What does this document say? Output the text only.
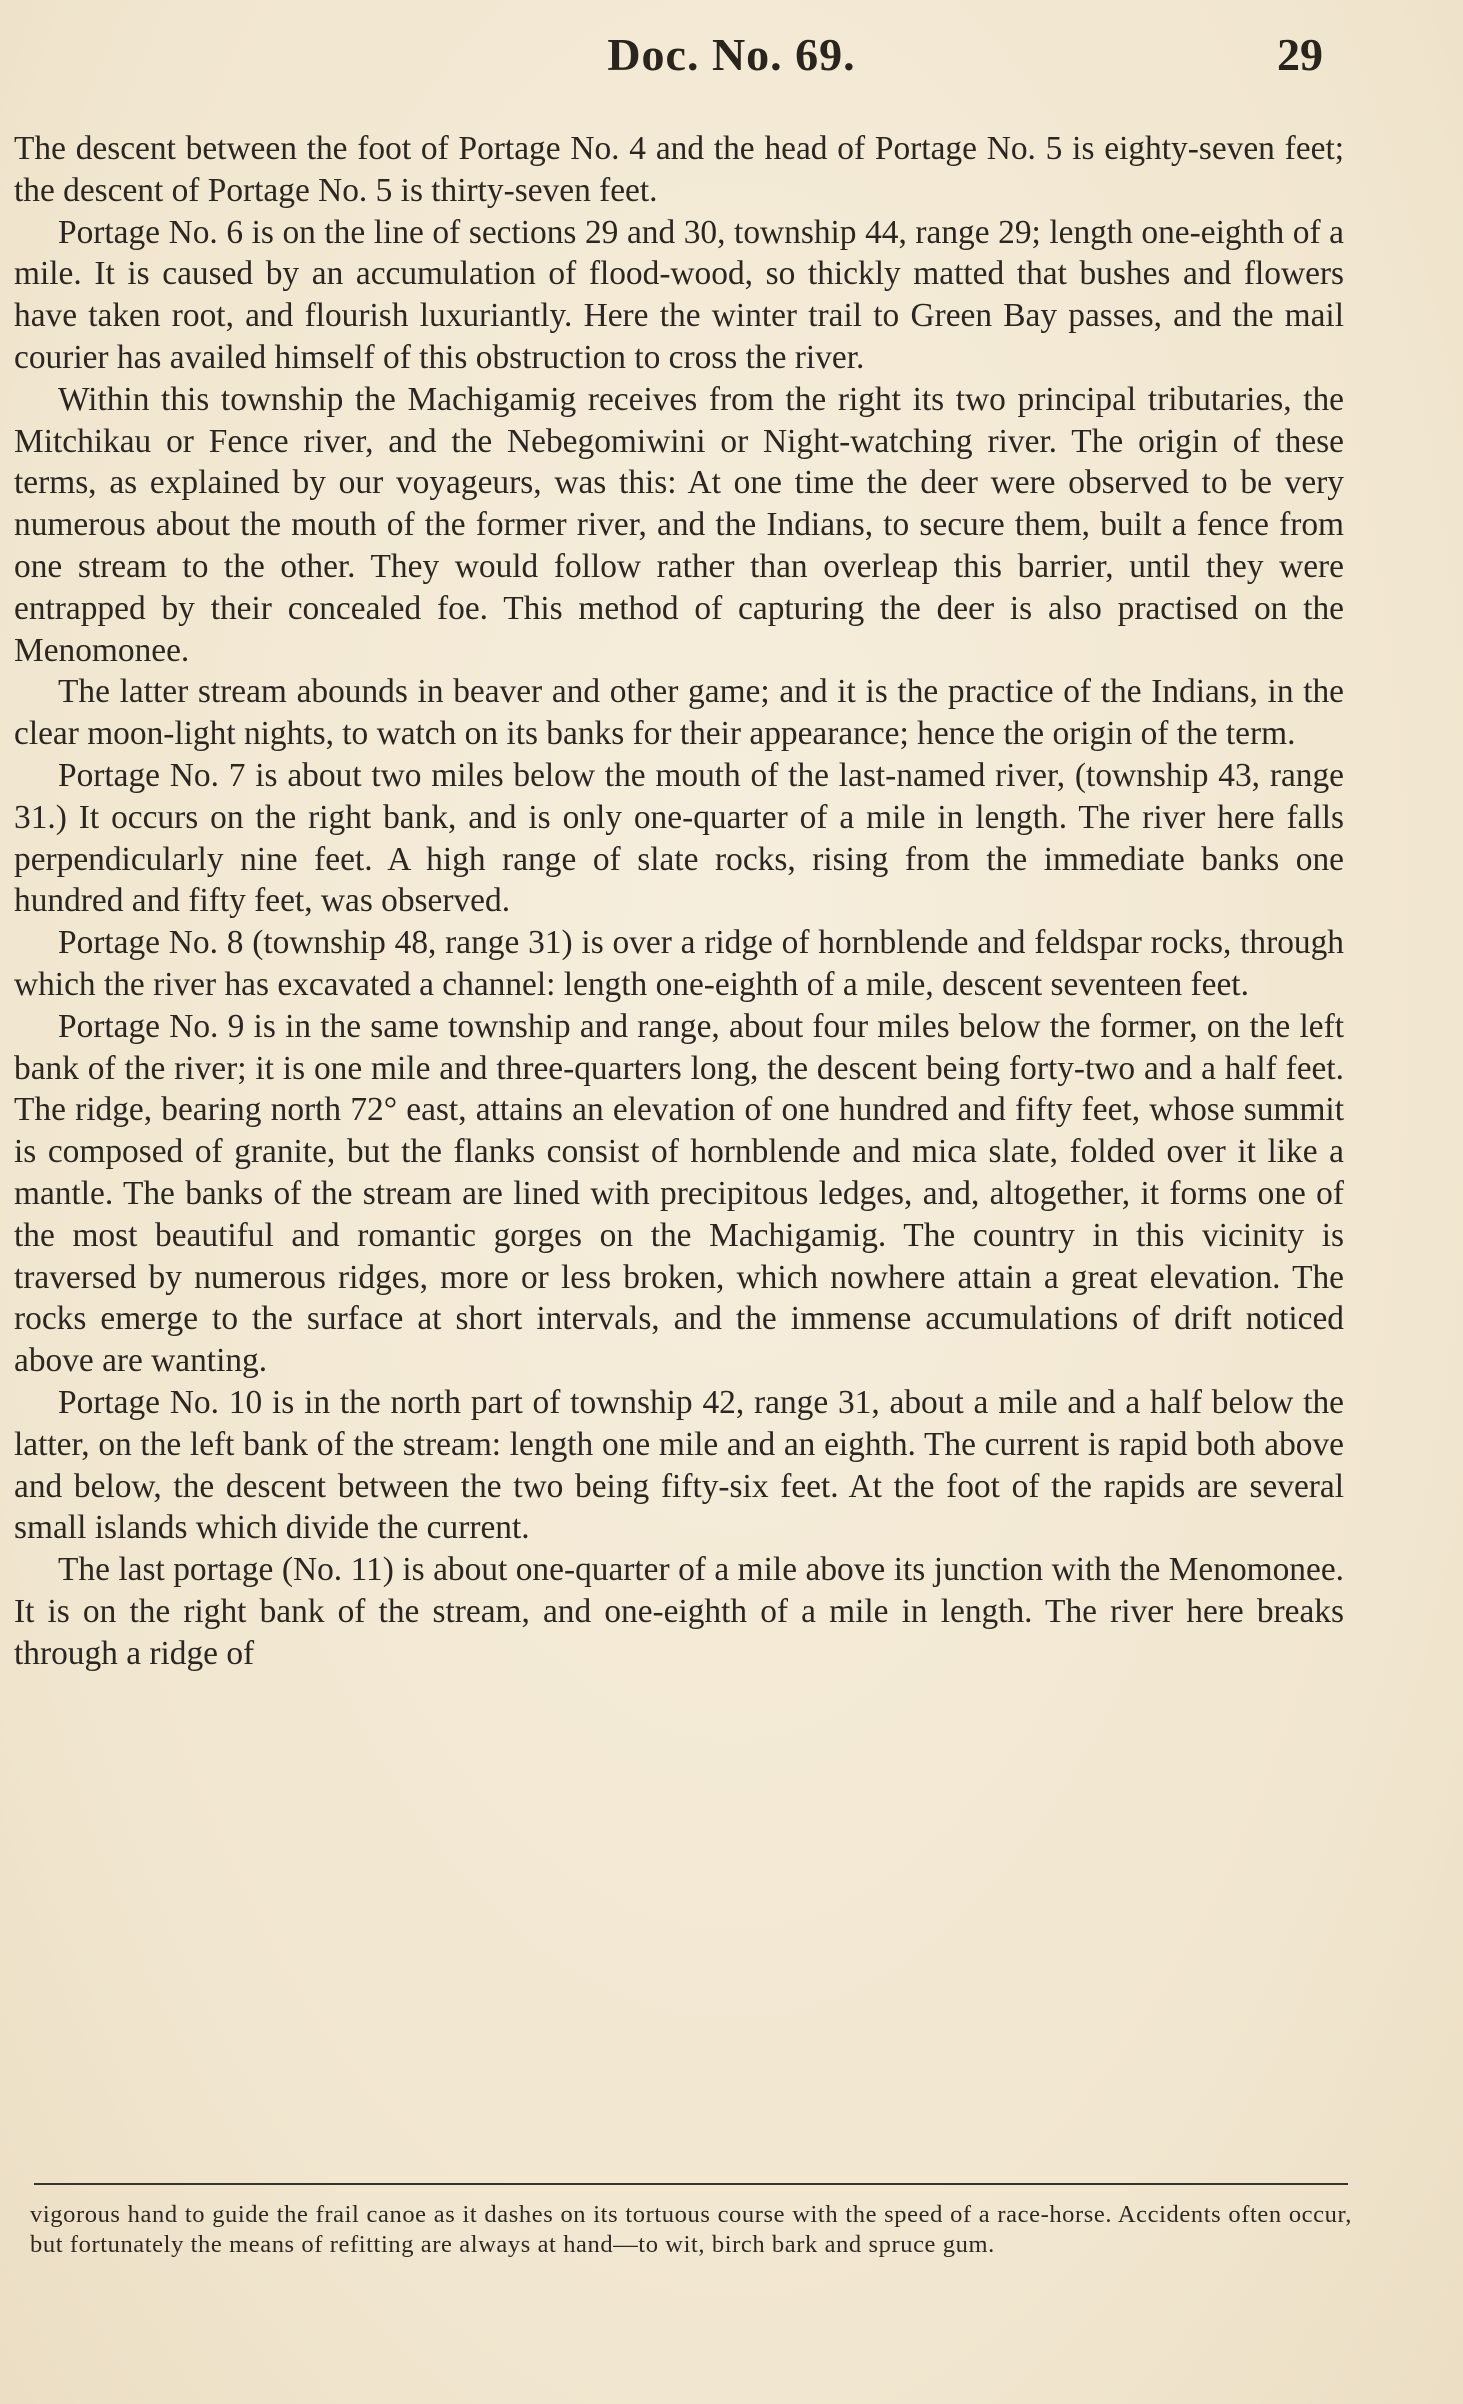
Doc. No. 69.	29

The descent between the foot of Portage No. 4 and the head of Portage No. 5 is eighty-seven feet; the descent of Portage No. 5 is thirty-seven feet.

Portage No. 6 is on the line of sections 29 and 30, township 44, range 29; length one-eighth of a mile. It is caused by an accumulation of flood-wood, so thickly matted that bushes and flowers have taken root, and flourish luxuriantly. Here the winter trail to Green Bay passes, and the mail courier has availed himself of this obstruction to cross the river.

Within this township the Machigamig receives from the right its two principal tributaries, the Mitchikau or Fence river, and the Nebegomiwini or Night-watching river. The origin of these terms, as explained by our voyageurs, was this: At one time the deer were observed to be very numerous about the mouth of the former river, and the Indians, to secure them, built a fence from one stream to the other. They would follow rather than overleap this barrier, until they were entrapped by their concealed foe. This method of capturing the deer is also practised on the Menomonee.

The latter stream abounds in beaver and other game; and it is the practice of the Indians, in the clear moon-light nights, to watch on its banks for their appearance; hence the origin of the term.

Portage No. 7 is about two miles below the mouth of the last-named river, (township 43, range 31.) It occurs on the right bank, and is only one-quarter of a mile in length. The river here falls perpendicularly nine feet. A high range of slate rocks, rising from the immediate banks one hundred and fifty feet, was observed.

Portage No. 8 (township 48, range 31) is over a ridge of hornblende and feldspar rocks, through which the river has excavated a channel: length one-eighth of a mile, descent seventeen feet.

Portage No. 9 is in the same township and range, about four miles below the former, on the left bank of the river; it is one mile and three-quarters long, the descent being forty-two and a half feet. The ridge, bearing north 72° east, attains an elevation of one hundred and fifty feet, whose summit is composed of granite, but the flanks consist of hornblende and mica slate, folded over it like a mantle. The banks of the stream are lined with precipitous ledges, and, altogether, it forms one of the most beautiful and romantic gorges on the Machigamig. The country in this vicinity is traversed by numerous ridges, more or less broken, which nowhere attain a great elevation. The rocks emerge to the surface at short intervals, and the immense accumulations of drift noticed above are wanting.

Portage No. 10 is in the north part of township 42, range 31, about a mile and a half below the latter, on the left bank of the stream: length one mile and an eighth. The current is rapid both above and below, the descent between the two being fifty-six feet. At the foot of the rapids are several small islands which divide the current.

The last portage (No. 11) is about one-quarter of a mile above its junction with the Menomonee. It is on the right bank of the stream, and one-eighth of a mile in length. The river here breaks through a ridge of

vigorous hand to guide the frail canoe as it dashes on its tortuous course with the speed of a race-horse. Accidents often occur, but fortunately the means of refitting are always at hand—to wit, birch bark and spruce gum.
